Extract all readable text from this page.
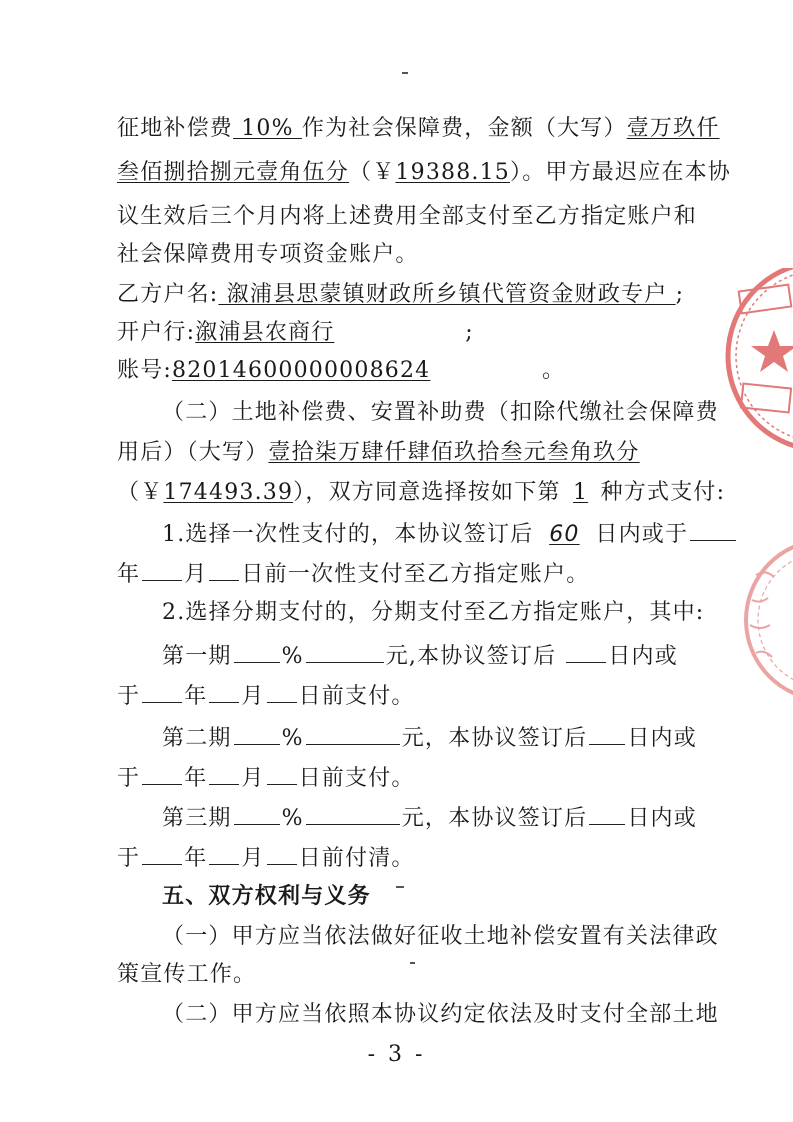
征地补偿费 10% 作为社会保障费，金额（大写）壹万玖仟
叁佰捌拾捌元壹角伍分（￥19388.15）。甲方最迟应在本协
议生效后三个月内将上述费用全部支付至乙方指定账户和
社会保障费用专项资金账户。
乙方户名: 溆浦县思蒙镇财政所乡镇代管资金财政专户 ;
开户行:溆浦县农商行	;
账号:82014600000008624	。
（二）土地补偿费、安置补助费（扣除代缴社会保障费
用后）（大写）壹拾柒万肆仟肆佰玖拾叁元叁角玖分
（￥174493.39），双方同意选择按如下第 1 种方式支付:
1.选择一次性支付的，本协议签订后 60 日内或于
年 月 日前一次性支付至乙方指定账户。
2.选择分期支付的，分期支付至乙方指定账户，其中:
第一期 %	元,本协议签订后 日内或
于 年 月 日前支付。
第二期 %	元，本协议签订后 日内或
于 年 月 日前支付。
第三期 %	元，本协议签订后 日内或
于 年 月 日前付清。
五、双方权利与义务
（一）甲方应当依法做好征收土地补偿安置有关法律政
策宣传工作。
（二）甲方应当依照本协议约定依法及时支付全部土地
- 3 -
